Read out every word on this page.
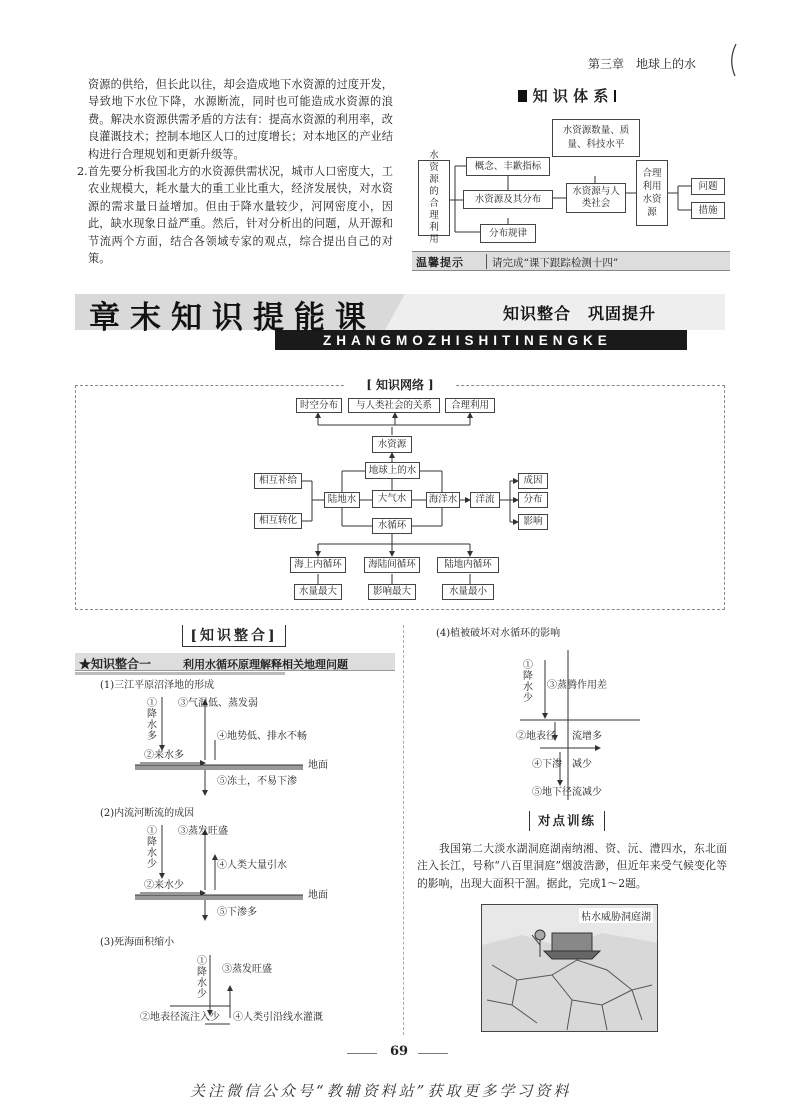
第三章　地球上的水

资源的供给，但长此以往，却会造成地下水资源的过度开发，导致地下水位下降，水源断流，同时也可能造成水资源的浪费。解决水资源供需矛盾的方法有：提高水资源的利用率，改良灌溉技术；控制本地区人口的过度增长；对本地区的产业结构进行合理规划和更新升级等。

2.首先要分析我国北方的水资源供需状况，城市人口密度大，工农业规模大，耗水量大的重工业比重大，经济发展快，对水资源的需求量日益增加。但由于降水量较少，河网密度小，因此，缺水现象日益严重。然后，针对分析出的问题，从开源和节流两个方面，结合各领域专家的观点，综合提出自己的对策。

知 识 体 系
水资源的合理利用
概念、丰歉指标
水资源及其分布
分布规律
水资源数量、质量、科技水平
水资源与人类社会
合理利用水资源
问题
措施
温馨提示	请完成“课下跟踪检测十四”
章末知识提能课	知识整合　巩固提升
ZHANGMOZHISHITINENGKE
[ 知识网络 ]
时空分布	与人类社会的关系	合理利用
水资源
地球上的水
陆地水	大气水	海洋水	洋流
成因
分布
影响
相互补给
相互转化	水循环
海上内循环	海陆间循环	陆地内循环
水量最大	影响最大	水量最小
[知识整合]
★知识整合一	利用水循环原理解释相关地理问题
(1)三江平原沼泽地的形成
①降水多
②来水多
③气温低、蒸发弱
④地势低、排水不畅
⑤冻土，不易下渗
地面
(2)内流河断流的成因
①降水少
②来水少
③蒸发旺盛
④人类大量引水
⑤下渗多
地面
(3)死海面积缩小
①降水少
②地表径流注入少
③蒸发旺盛
④人类引沿线水灌溉
(4)植被破坏对水循环的影响
①降水少
③蒸腾作用差
②地表径 流增多
④下渗 减少
⑤地下径流减少
对点训练
我国第二大淡水湖洞庭湖南纳湘、资、沅、澧四水，东北面注入长江，号称“八百里洞庭”烟波浩渺，但近年来受气候变化等的影响，出现大面积干涸。据此，完成1～2题。
枯水威胁洞庭湖
69
关注微信公众号“教辅资料站”获取更多学习资料
